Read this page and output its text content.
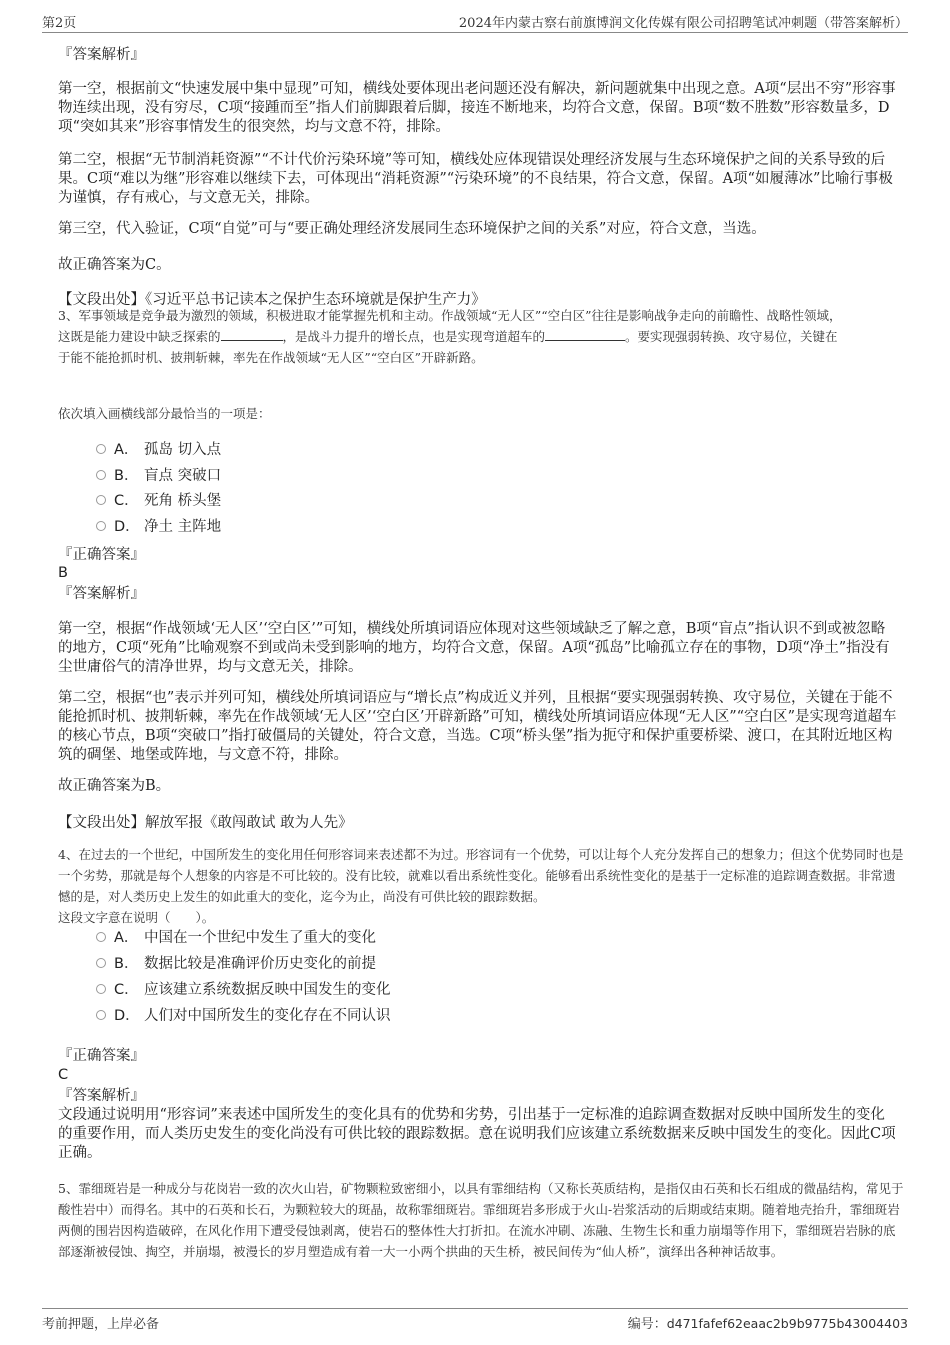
第2页	2024年内蒙古察右前旗博润文化传媒有限公司招聘笔试冲刺题（带答案解析）
『答案解析』

第一空，根据前文“快速发展中集中显现”可知，横线处要体现出老问题还没有解决，新问题就集中出现之意。A项“层出不穷”形容事物连续出现，没有穷尽，C项“接踵而至”指人们前脚跟着后脚，接连不断地来，均符合文意，保留。B项“数不胜数”形容数量多，D项“突如其来”形容事情发生的很突然，均与文意不符，排除。

第二空，根据“无节制消耗资源”“不计代价污染环境”等可知，横线处应体现错误处理经济发展与生态环境保护之间的关系导致的后果。C项“难以为继”形容难以继续下去，可体现出“消耗资源”“污染环境”的不良结果，符合文意，保留。A项“如履薄冰”比喻行事极为谨慎，存有戒心，与文意无关，排除。

第三空，代入验证，C项“自觉”可与“要正确处理经济发展同生态环境保护之间的关系”对应，符合文意，当选。

故正确答案为C。
【文段出处】《习近平总书记读本之保护生态环境就是保护生产力》
3、军事领域是竞争最为激烈的领域，积极进取才能掌握先机和主动。作战领域“无人区”“空白区”往往是影响战争走向的前瞻性、战略性领域，
这既是能力建设中缺乏探索的	，是战斗力提升的增长点，也是实现弯道超车的	。要实现强弱转换、攻守易位，关键在
于能不能抢抓时机、披荆斩棘，率先在作战领域“无人区”“空白区”开辟新路。
依次填入画横线部分最恰当的一项是：
A． 孤岛 切入点
B． 盲点 突破口
C． 死角 桥头堡
D． 净土 主阵地
『正确答案』
B
『答案解析』

第一空，根据“作战领域‘无人区’‘空白区’”可知，横线处所填词语应体现对这些领域缺乏了解之意，B项“盲点”指认识不到或被忽略的地方，C项“死角”比喻观察不到或尚未受到影响的地方，均符合文意，保留。A项“孤岛”比喻孤立存在的事物，D项“净土”指没有尘世庸俗气的清净世界，均与文意无关，排除。

第二空，根据“也”表示并列可知，横线处所填词语应与“增长点”构成近义并列，且根据“要实现强弱转换、攻守易位，关键在于能不能抢抓时机、披荆斩棘，率先在作战领域‘无人区’‘空白区’开辟新路”可知，横线处所填词语应体现“无人区”“空白区”是实现弯道超车的核心节点，B项“突破口”指打破僵局的关键处，符合文意，当选。C项“桥头堡”指为扼守和保护重要桥梁、渡口，在其附近地区构筑的碉堡、地堡或阵地，与文意不符，排除。

故正确答案为B。
【文段出处】解放军报《敢闯敢试 敢为人先》

4、在过去的一个世纪，中国所发生的变化用任何形容词来表述都不为过。形容词有一个优势，可以让每个人充分发挥自己的想象力；但这个优势同时也是一个劣势，那就是每个人想象的内容是不可比较的。没有比较，就难以看出系统性变化。能够看出系统性变化的是基于一定标准的追踪调查数据。非常遗憾的是，对人类历史上发生的如此重大的变化，迄今为止，尚没有可供比较的跟踪数据。

这段文字意在说明（　　）。
A． 中国在一个世纪中发生了重大的变化
B． 数据比较是准确评价历史变化的前提
C． 应该建立系统数据反映中国发生的变化
D． 人们对中国所发生的变化存在不同认识
『正确答案』
C
『答案解析』

文段通过说明用“形容词”来表述中国所发生的变化具有的优势和劣势，引出基于一定标准的追踪调查数据对反映中国所发生的变化的重要作用，而人类历史发生的变化尚没有可供比较的跟踪数据。意在说明我们应该建立系统数据来反映中国发生的变化。因此C项正确。

5、霏细斑岩是一种成分与花岗岩一致的次火山岩，矿物颗粒致密细小，以具有霏细结构（又称长英质结构，是指仅由石英和长石组成的微晶结构，常见于酸性岩中）而得名。其中的石英和长石，为颗粒较大的斑晶，故称霏细斑岩。霏细斑岩多形成于火山-岩浆活动的后期或结束期。随着地壳抬升，霏细斑岩两侧的围岩因构造破碎，在风化作用下遭受侵蚀剥离，使岩石的整体性大打折扣。在流水冲刷、冻融、生物生长和重力崩塌等作用下，霏细斑岩岩脉的底部逐渐被侵蚀、掏空，并崩塌，被漫长的岁月塑造成有着一大一小两个拱曲的天生桥，被民间传为“仙人桥”，演绎出各种神话故事。

考前押题，上岸必备	编号：d471fafef62eaac2b9b9775b43004403
